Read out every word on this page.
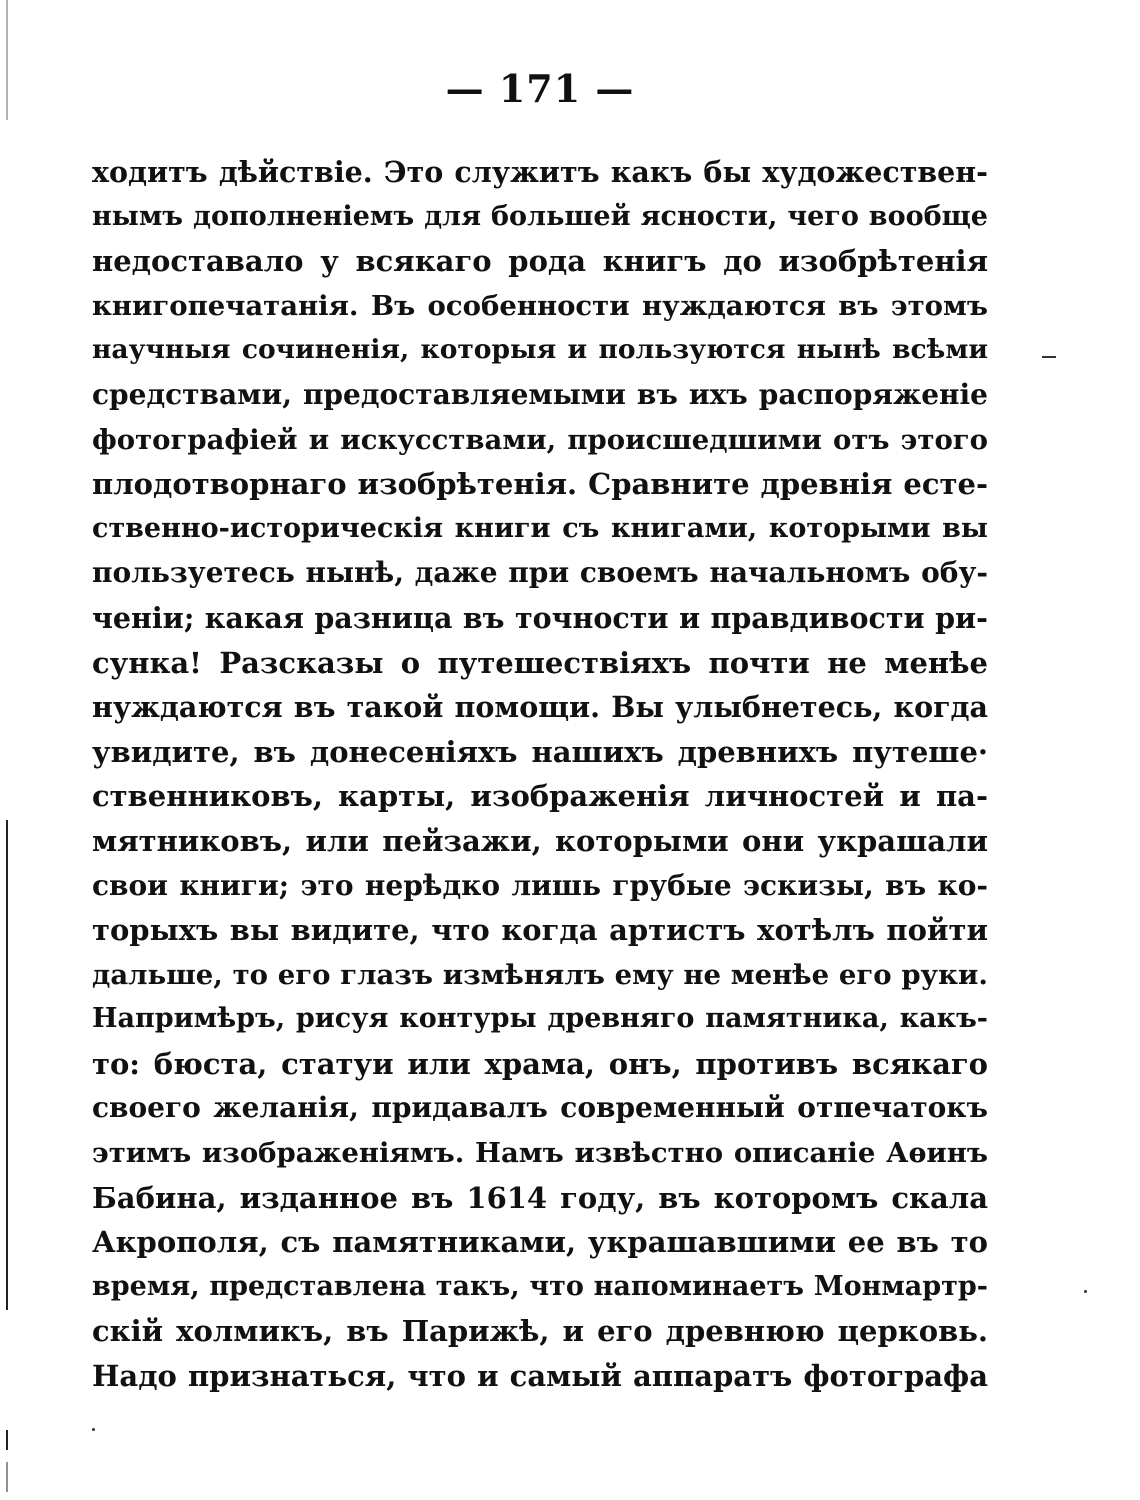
— 171 —
ходитъ дѣйствіе. Это служитъ какъ бы художествен-
нымъ дополненіемъ для большей ясности, чего вообще
недоставало у всякаго рода книгъ до изобрѣтенія
книгопечатанія. Въ особенности нуждаются въ этомъ
научныя сочиненія, которыя и пользуются нынѣ всѣми
средствами, предоставляемыми въ ихъ распоряженіе
фотографіей и искусствами, происшедшими отъ этого
плодотворнаго изобрѣтенія. Сравните древнія есте-
ственно-историческія книги съ книгами, которыми вы
пользуетесь нынѣ, даже при своемъ начальномъ обу-
ченіи; какая разница въ точности и правдивости ри-
сунка! Разсказы о путешествіяхъ почти не менѣе
нуждаются въ такой помощи. Вы улыбнетесь, когда
увидите, въ донесеніяхъ нашихъ древнихъ путеше·
ственниковъ, карты, изображенія личностей и па-
мятниковъ, или пейзажи, которыми они украшали
свои книги; это нерѣдко лишь грубые эскизы, въ ко-
торыхъ вы видите, что когда артистъ хотѣлъ пойти
дальше, то его глазъ измѣнялъ ему не менѣе его руки.
Напримѣръ, рисуя контуры древняго памятника, какъ-
то: бюста, статуи или храма, онъ, противъ всякаго
своего желанія, придавалъ современный отпечатокъ
этимъ изображеніямъ. Намъ извѣстно описаніе Аѳинъ
Бабина, изданное въ 1614 году, въ которомъ скала
Акрополя, съ памятниками, украшавшими ее въ то
время, представлена такъ, что напоминаетъ Монмартр-
скій холмикъ, въ Парижѣ, и его древнюю церковь.
Надо признаться, что и самый аппаратъ фотографа
